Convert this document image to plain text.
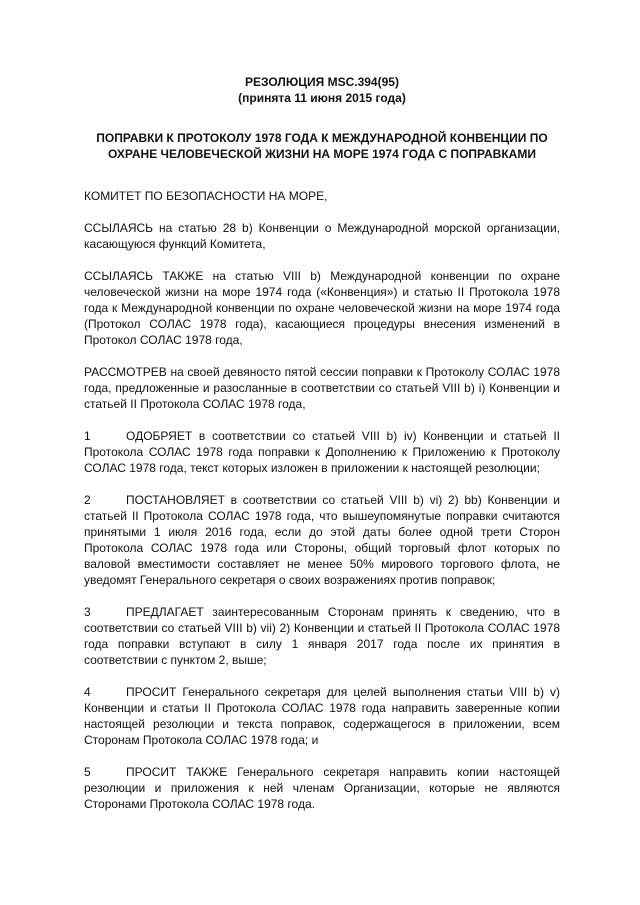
РЕЗОЛЮЦИЯ MSC.394(95)

(принята 11 июня 2015 года)

ПОПРАВКИ К ПРОТОКОЛУ 1978 ГОДА К МЕЖДУНАРОДНОЙ КОНВЕНЦИИ ПО

ОХРАНЕ ЧЕЛОВЕЧЕСКОЙ ЖИЗНИ НА МОРЕ 1974 ГОДА С ПОПРАВКАМИ

КОМИТЕТ ПО БЕЗОПАСНОСТИ НА МОРЕ,

ССЫЛАЯСЬ на статью 28 b) Конвенции о Международной морской организации, касающуюся функций Комитета,

ССЫЛАЯСЬ ТАКЖЕ на статью VIII b) Международной конвенции по охране человеческой жизни на море 1974 года («Конвенция») и статью II Протокола 1978 года к Международной конвенции по охране человеческой жизни на море 1974 года (Протокол СОЛАС 1978 года), касающиеся процедуры внесения изменений в Протокол СОЛАС 1978 года,

РАССМОТРЕВ на своей девяносто пятой сессии поправки к Протоколу СОЛАС 1978 года, предложенные и разосланные в соответствии со статьей VIII b) i) Конвенции и статьей II Протокола СОЛАС 1978 года,

1	ОДОБРЯЕТ в соответствии со статьей VIII b) iv) Конвенции и статьей II Протокола СОЛАС 1978 года поправки к Дополнению к Приложению к Протоколу СОЛАС 1978 года, текст которых изложен в приложении к настоящей резолюции;

2	ПОСТАНОВЛЯЕТ в соответствии со статьей VIII b) vi) 2) bb) Конвенции и статьей II Протокола СОЛАС 1978 года, что вышеупомянутые поправки считаются принятыми 1 июля 2016 года, если до этой даты более одной трети Сторон Протокола СОЛАС 1978 года или Стороны, общий торговый флот которых по валовой вместимости составляет не менее 50% мирового торгового флота, не уведомят Генерального секретаря о своих возражениях против поправок;

3	ПРЕДЛАГАЕТ заинтересованным Сторонам принять к сведению, что в соответствии со статьей VIII b) vii) 2) Конвенции и статьей II Протокола СОЛАС 1978 года поправки вступают в силу 1 января 2017 года после их принятия в соответствии с пунктом 2, выше;

4	ПРОСИТ Генерального секретаря для целей выполнения статьи VIII b) v) Конвенции и статьи II Протокола СОЛАС 1978 года направить заверенные копии настоящей резолюции и текста поправок, содержащегося в приложении, всем Сторонам Протокола СОЛАС 1978 года; и

5	ПРОСИТ ТАКЖЕ Генерального секретаря направить копии настоящей резолюции и приложения к ней членам Организации, которые не являются Сторонами Протокола СОЛАС 1978 года.
